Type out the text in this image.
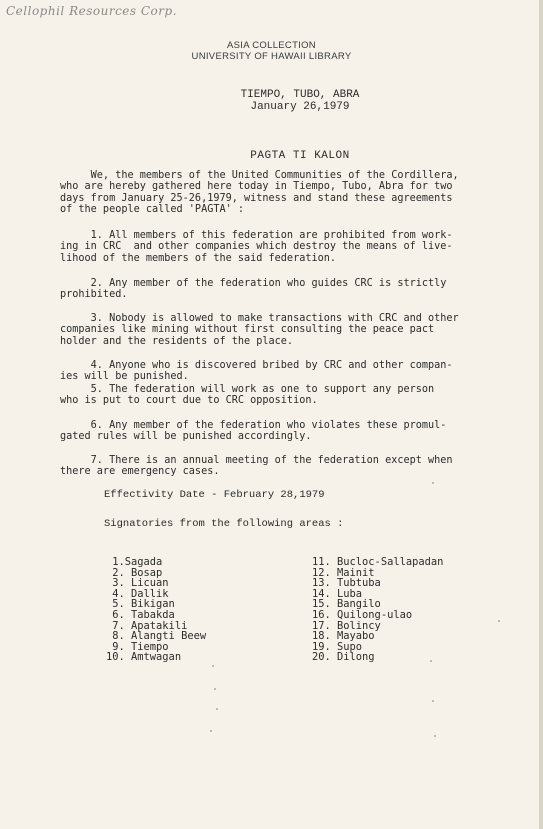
Cellophil Resources Corp.
ASIA COLLECTION
UNIVERSITY OF HAWAII LIBRARY
TIEMPO, TUBO, ABRA
January 26,1979
PAGTA TI KALON
We, the members of the United Communities of the Cordillera,
who are hereby gathered here today in Tiempo, Tubo, Abra for two
days from January 25-26,1979, witness and stand these agreements
of the people called 'PAGTA' :
1. All members of this federation are prohibited from work-
ing in CRC  and other companies which destroy the means of live-
lihood of the members of the said federation.
2. Any member of the federation who guides CRC is strictly
prohibited.
3. Nobody is allowed to make transactions with CRC and other
companies like mining without first consulting the peace pact
holder and the residents of the place.
4. Anyone who is discovered bribed by CRC and other compan-
ies will be punished.
5. The federation will work as one to support any person
who is put to court due to CRC opposition.
6. Any member of the federation who violates these promul-
gated rules will be punished accordingly.
7. There is an annual meeting of the federation except when
there are emergency cases.
Effectivity Date - February 28,1979
Signatories from the following areas :
1.Sagada
2. Bosap
3. Licuan
4. Dallik
5. Bikigan
6. Tabakda
7. Apatakili
8. Alangti Beew
9. Tiempo
10. Amtwagan
11. Bucloc-Sallapadan
12. Mainit
13. Tubtuba
14. Luba
15. Bangilo
16. Quilong-ulao
17. Bolincy
18. Mayabo
19. Supo
20. Dilong
